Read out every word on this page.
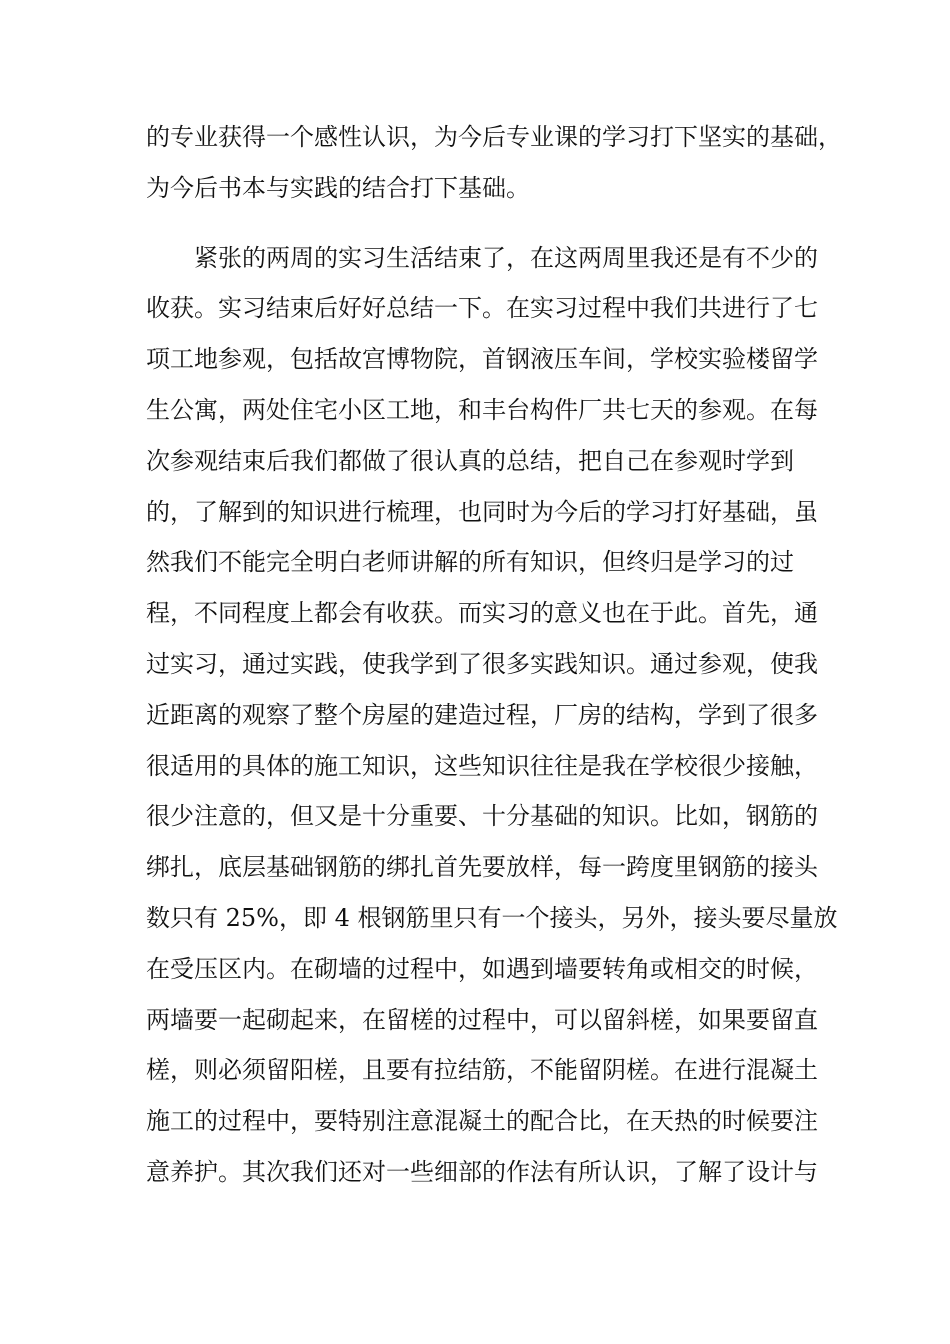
的专业获得一个感性认识，为今后专业课的学习打下坚实的基础，
为今后书本与实践的结合打下基础。
紧张的两周的实习生活结束了，在这两周里我还是有不少的
收获。实习结束后好好总结一下。在实习过程中我们共进行了七
项工地参观，包括故宫博物院，首钢液压车间，学校实验楼留学
生公寓，两处住宅小区工地，和丰台构件厂共七天的参观。在每
次参观结束后我们都做了很认真的总结，把自己在参观时学到
的，了解到的知识进行梳理，也同时为今后的学习打好基础，虽
然我们不能完全明白老师讲解的所有知识，但终归是学习的过
程，不同程度上都会有收获。而实习的意义也在于此。首先，通
过实习，通过实践，使我学到了很多实践知识。通过参观，使我
近距离的观察了整个房屋的建造过程，厂房的结构，学到了很多
很适用的具体的施工知识，这些知识往往是我在学校很少接触，
很少注意的，但又是十分重要、十分基础的知识。比如，钢筋的
绑扎，底层基础钢筋的绑扎首先要放样，每一跨度里钢筋的接头
数只有 25%，即 4 根钢筋里只有一个接头，另外，接头要尽量放
在受压区内。在砌墙的过程中，如遇到墙要转角或相交的时候，
两墙要一起砌起来，在留槎的过程中，可以留斜槎，如果要留直
槎，则必须留阳槎，且要有拉结筋，不能留阴槎。在进行混凝土
施工的过程中，要特别注意混凝土的配合比，在天热的时候要注
意养护。其次我们还对一些细部的作法有所认识，了解了设计与
